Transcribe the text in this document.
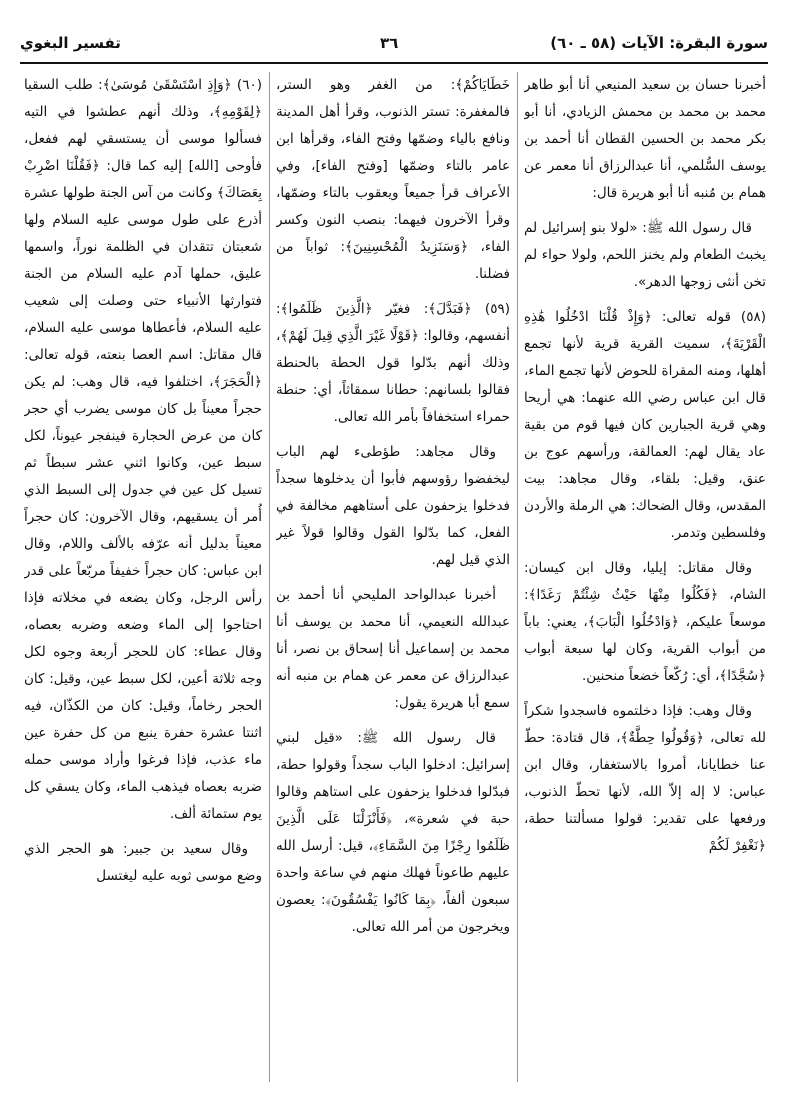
سورة البقرة: الآيات (٥٨ ـ ٦٠)
٣٦
تفسير البغوي

أخبرنا حسان بن سعيد المنيعي أنا أبو طاهر محمد بن محمد بن محمش الزيادي، أنا أبو بكر محمد بن الحسين القطان أنا أحمد بن يوسف السُّلمي، أنا عبدالرزاق أنا معمر عن همام بن مُنبه أنا أبو هريرة قال:

قال رسول الله ﷺ: «لولا بنو إسرائيل لم يخبث الطعام ولم يخنز اللحم، ولولا حواء لم تخن أنثى زوجها الدهر».

(٥٨) قوله تعالى: ﴿وَإِذْ قُلْنَا ادْخُلُوا هَٰذِهِ الْقَرْيَةَ﴾، سميت القرية قرية لأنها تجمع أهلها، ومنه المقراة للحوض لأنها تجمع الماء، قال ابن عباس رضي الله عنهما: هي أريحا وهي قرية الجبارين كان فيها قوم من بقية عاد يقال لهم: العمالقة، ورأسهم عوج بن عنق، وقيل: بلقاء، وقال مجاهد: بيت المقدس، وقال الضحاك: هي الرملة والأردن وفلسطين وتدمر.

وقال مقاتل: إيليا، وقال ابن كيسان: الشام، ﴿فَكُلُوا مِنْهَا حَيْثُ شِئْتُمْ رَغَدًا﴾: موسعاً عليكم، ﴿وَادْخُلُوا الْبَابَ﴾، يعني: باباً من أبواب القرية، وكان لها سبعة أبواب ﴿سُجَّدًا﴾، أي: رُكّعاً خضعاً منحنين.

وقال وهب: فإذا دخلتموه فاسجدوا شكراً لله تعالى، ﴿وَقُولُوا حِطَّةٌ﴾، قال قتادة: حطّ عنا خطايانا، أمروا بالاستغفار، وقال ابن عباس: لا إله إلاّ الله، لأنها تحطّ الذنوب، ورفعها على تقدير: قولوا مسألتنا حطة، ﴿نَغْفِرْ لَكُمْ

خَطَايَاكُمْ﴾: من الغفر وهو الستر، فالمغفرة: تستر الذنوب، وقرأ أهل المدينة ونافع بالياء وضمّها وفتح الفاء، وقرأها ابن عامر بالتاء وضمّها [وفتح الفاء]، وفي الأعراف قرأ جميعاً ويعقوب بالتاء وضمّها، وقرأ الآخرون فيهما: بنصب النون وكسر الفاء، ﴿وَسَنَزِيدُ الْمُحْسِنِينَ﴾: ثواباً من فضلنا.

(٥٩) ﴿فَبَدَّلَ﴾: فغيّر ﴿الَّذِينَ ظَلَمُوا﴾: أنفسهم، وقالوا: ﴿قَوْلًا غَيْرَ الَّذِي قِيلَ لَهُمْ﴾، وذلك أنهم بدّلوا قول الحطة بالحنطة فقالوا بلسانهم: حطانا سمقاثاً، أي: حنطة حمراء استخفافاً بأمر الله تعالى.

وقال مجاهد: طؤطىء لهم الباب ليخفضوا رؤوسهم فأبوا أن يدخلوها سجداً فدخلوا يزحفون على أستاههم مخالفة في الفعل، كما بدّلوا القول وقالوا قولاً غير الذي قيل لهم.

أخبرنا عبدالواحد المليحي أنا أحمد بن عبدالله النعيمي، أنا محمد بن يوسف أنا محمد بن إسماعيل أنا إسحاق بن نصر، أنا عبدالرزاق عن معمر عن همام بن منبه أنه سمع أبا هريرة يقول:

قال رسول الله ﷺ: «قيل لبني إسرائيل: ادخلوا الباب سجداً وقولوا حطة، فبدّلوا فدخلوا يزحفون على استاهم وقالوا حبة في شعرة»، ﴿فَأَنْزَلْنَا عَلَى الَّذِينَ ظَلَمُوا رِجْزًا مِنَ السَّمَاءِ﴾، قيل: أرسل الله عليهم طاعوناً فهلك منهم في ساعة واحدة سبعون ألفاً، ﴿بِمَا كَانُوا يَفْسُقُونَ﴾: يعصون ويخرجون من أمر الله تعالى.

(٦٠) ﴿وَإِذِ اسْتَسْقَىٰ مُوسَىٰ﴾: طلب السقيا ﴿لِقَوْمِهِ﴾، وذلك أنهم عطشوا في التيه فسألوا موسى أن يستسقي لهم ففعل، فأوحى [الله] إليه كما قال: ﴿فَقُلْنَا اضْرِبْ بِعَصَاكَ﴾ وكانت من آس الجنة طولها عشرة أذرع على طول موسى عليه السلام ولها شعبتان تتقدان في الظلمة نوراً، واسمها عليق، حملها آدم عليه السلام من الجنة فتوارثها الأنبياء حتى وصلت إلى شعيب عليه السلام، فأعطاها موسى عليه السلام، قال مقاتل: اسم العصا بنعته، قوله تعالى: ﴿الْحَجَرَ﴾، اختلفوا فيه، قال وهب: لم يكن حجراً معيناً بل كان موسى يضرب أي حجر كان من عرض الحجارة فينفجر عيوناً، لكل سبط عين، وكانوا اثني عشر سبطاً ثم تسيل كل عين في جدول إلى السبط الذي أُمر أن يسقيهم، وقال الآخرون: كان حجراً معيناً بدليل أنه عرّفه بالألف واللام، وقال ابن عباس: كان حجراً خفيفاً مربّعاً على قدر رأس الرجل، وكان يضعه في مخلاته فإذا احتاجوا إلى الماء وضعه وضربه بعصاه، وقال عطاء: كان للحجر أربعة وجوه لكل وجه ثلاثة أعين، لكل سبط عين، وقيل: كان الحجر رخاماً، وقيل: كان من الكذّان، فيه اثنتا عشرة حفرة ينبع من كل حفرة عين ماء عذب، فإذا فرغوا وأراد موسى حمله ضربه بعصاه فيذهب الماء، وكان يسقي كل يوم ستمائة ألف.

وقال سعيد بن جبير: هو الحجر الذي وضع موسى ثوبه عليه ليغتسل
